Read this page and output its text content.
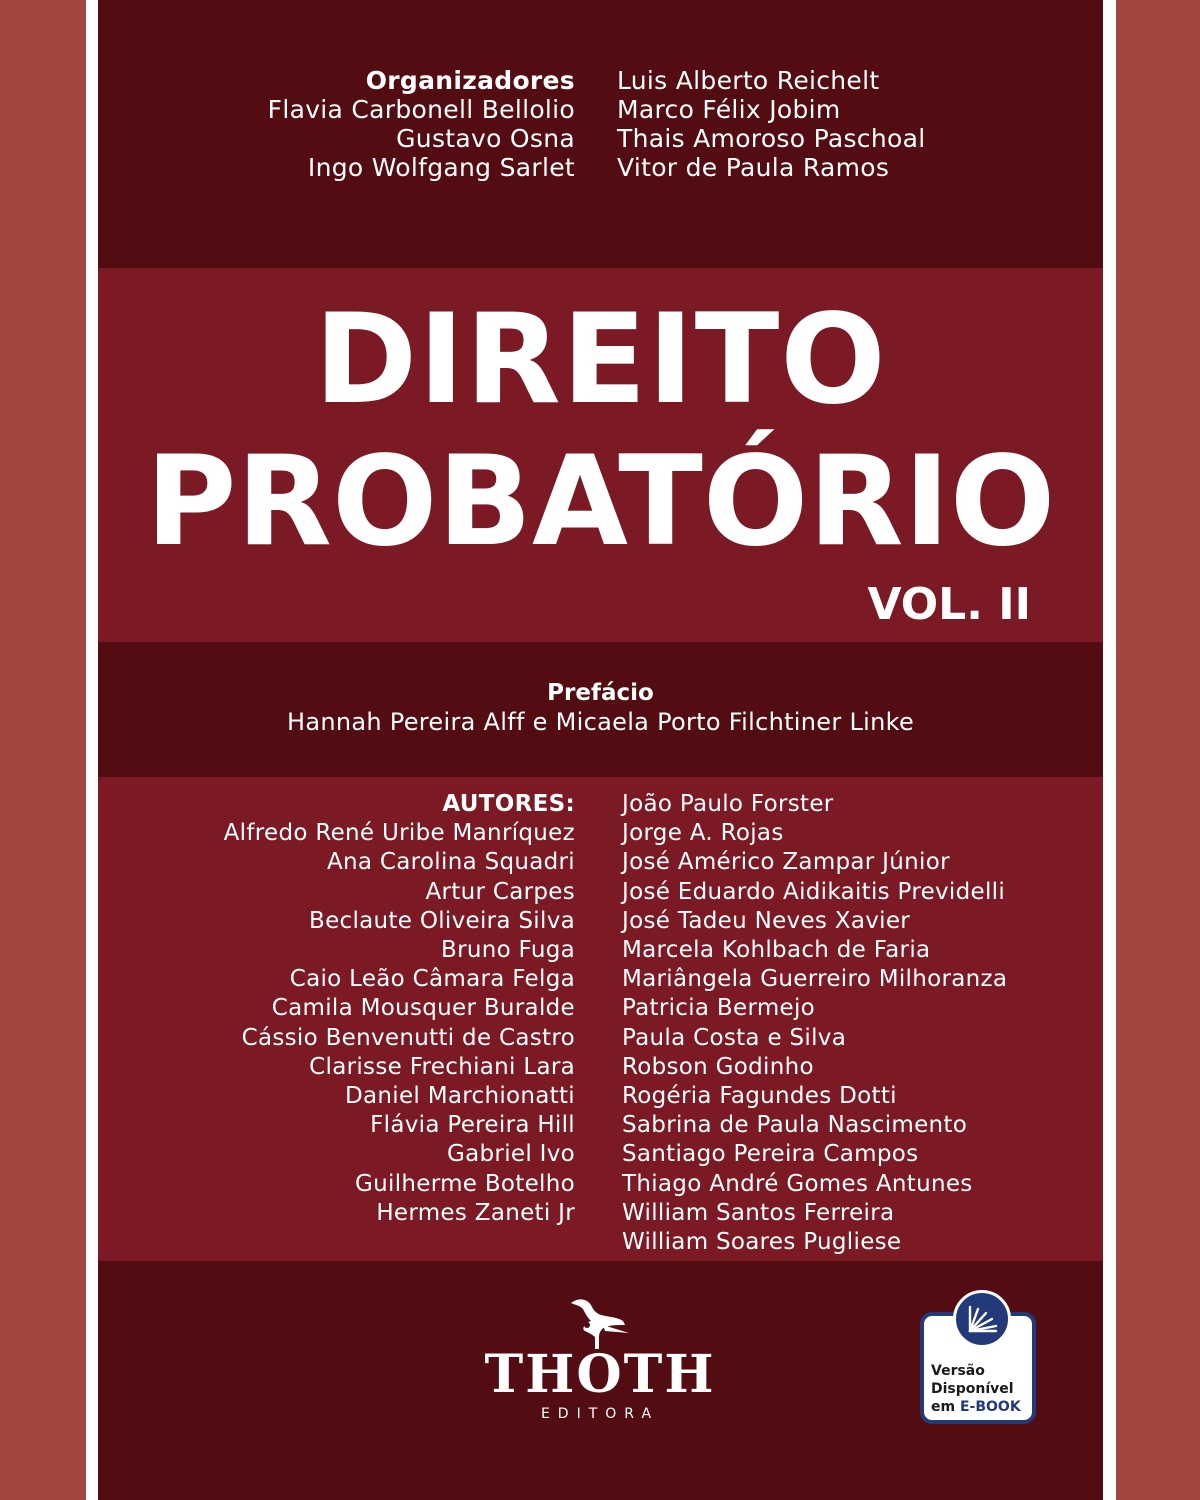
Organizadores
Flavia Carbonell Bellolio
Gustavo Osna
Ingo Wolfgang Sarlet
Luis Alberto Reichelt
Marco Félix Jobim
Thais Amoroso Paschoal
Vitor de Paula Ramos
DIREITO
PROBATÓRIO
VOL. II
Prefácio
Hannah Pereira Alff e Micaela Porto Filchtiner Linke
AUTORES:
Alfredo René Uribe Manríquez
Ana Carolina Squadri
Artur Carpes
Beclaute Oliveira Silva
Bruno Fuga
Caio Leão Câmara Felga
Camila Mousquer Buralde
Cássio Benvenutti de Castro
Clarisse Frechiani Lara
Daniel Marchionatti
Flávia Pereira Hill
Gabriel Ivo
Guilherme Botelho
Hermes Zaneti Jr
João Paulo Forster
Jorge A. Rojas
José Américo Zampar Júnior
José Eduardo Aidikaitis Previdelli
José Tadeu Neves Xavier
Marcela Kohlbach de Faria
Mariângela Guerreiro Milhoranza
Patricia Bermejo
Paula Costa e Silva
Robson Godinho
Rogéria Fagundes Dotti
Sabrina de Paula Nascimento
Santiago Pereira Campos
Thiago André Gomes Antunes
William Santos Ferreira
William Soares Pugliese
THOTH
EDITORA
Versão
Disponível
em E-BOOK
